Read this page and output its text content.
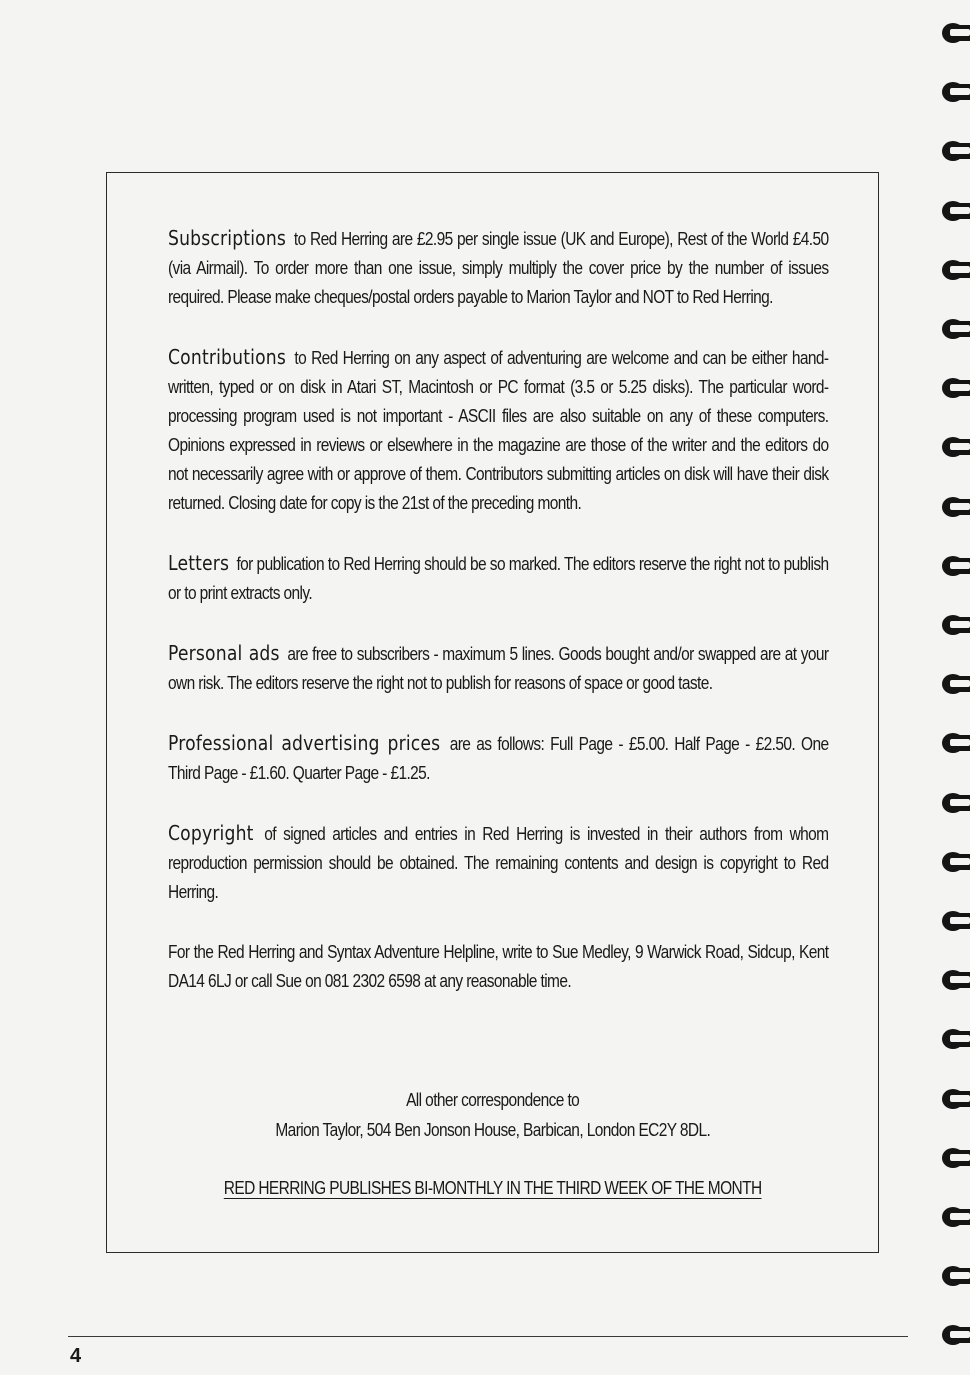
Subscriptions to Red Herring are £2.95 per single issue (UK and Europe), Rest of the World £4.50 (via Airmail). To order more than one issue, simply multiply the cover price by the number of issues required. Please make cheques/postal orders payable to Marion Taylor and NOT to Red Herring.

Contributions to Red Herring on any aspect of adventuring are welcome and can be either hand-written, typed or on disk in Atari ST, Macintosh or PC format (3.5 or 5.25 disks). The particular word-processing program used is not important - ASCII files are also suitable on any of these computers. Opinions expressed in reviews or elsewhere in the magazine are those of the writer and the editors do not necessarily agree with or approve of them. Contributors submitting articles on disk will have their disk returned. Closing date for copy is the 21st of the preceding month.

Letters for publication to Red Herring should be so marked. The editors reserve the right not to publish or to print extracts only.

Personal ads are free to subscribers - maximum 5 lines. Goods bought and/or swapped are at your own risk. The editors reserve the right not to publish for reasons of space or good taste.

Professional advertising prices are as follows: Full Page - £5.00. Half Page - £2.50. One Third Page - £1.60. Quarter Page - £1.25.

Copyright of signed articles and entries in Red Herring is invested in their authors from whom reproduction permission should be obtained. The remaining contents and design is copyright to Red Herring.

For the Red Herring and Syntax Adventure Helpline, write to Sue Medley, 9 Warwick Road, Sidcup, Kent DA14 6LJ or call Sue on 081 2302 6598 at any reasonable time.

All other correspondence to
Marion Taylor, 504 Ben Jonson House, Barbican, London EC2Y 8DL.
RED HERRING PUBLISHES BI-MONTHLY IN THE THIRD WEEK OF THE MONTH
4
